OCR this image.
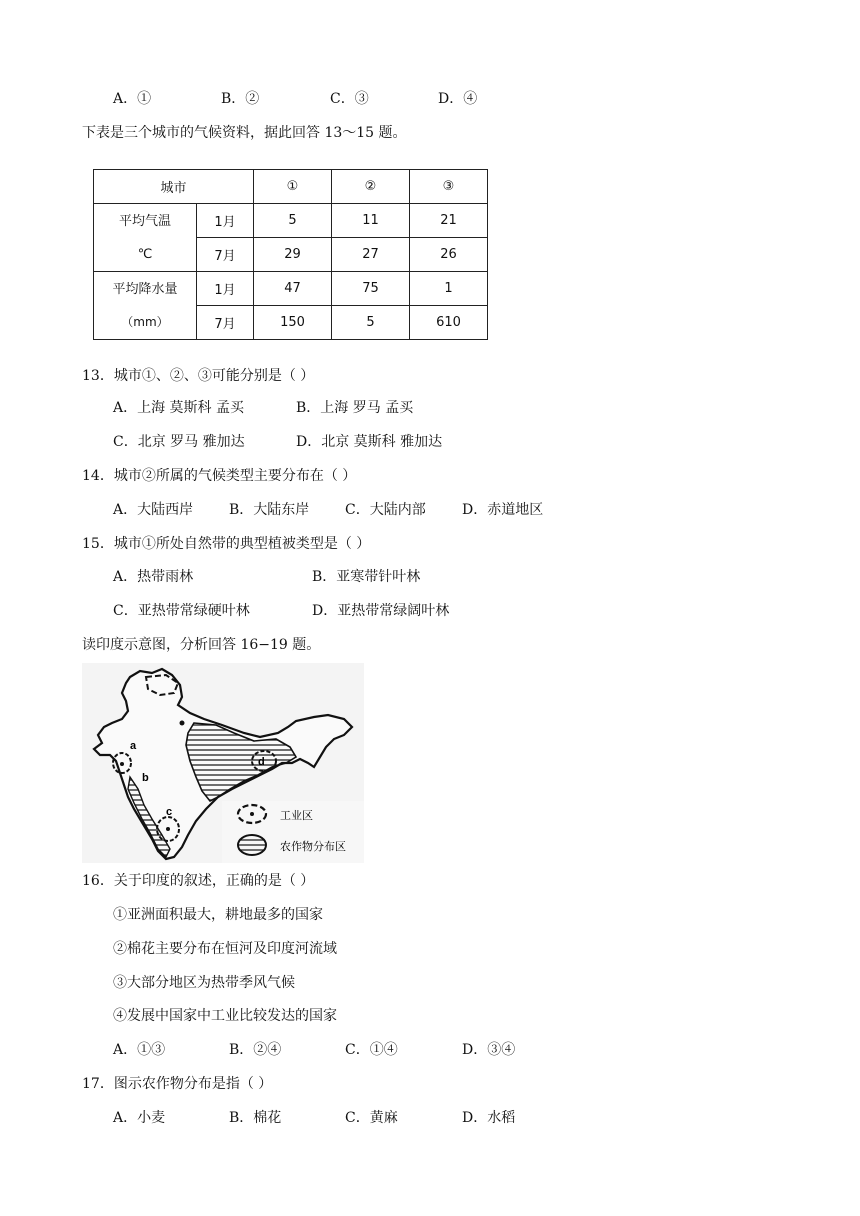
A．①	B．②	C．③	D．④
下表是三个城市的气候资料，据此回答 13～15 题。
城市		①	②	③

平均气温
℃	1月	5	11	21
	7月	29	27	26

平均降水量
（mm）	1月	47	75	1
	7月	150	5	610
13．城市①、②、③可能分别是（ ）
A．上海 莫斯科 孟买	B．上海 罗马 孟买
C．北京 罗马 雅加达	D．北京 莫斯科 雅加达
14．城市②所属的气候类型主要分布在（ ）
A．大陆西岸	B．大陆东岸	C．大陆内部	D．赤道地区
15．城市①所处自然带的典型植被类型是（ ）
A．热带雨林	B．亚寒带针叶林
C．亚热带常绿硬叶林	D．亚热带常绿阔叶林
读印度示意图，分析回答 16−19 题。
a
b
c
d
工业区
农作物分布区
16．关于印度的叙述，正确的是（ ）
①亚洲面积最大，耕地最多的国家
②棉花主要分布在恒河及印度河流域
③大部分地区为热带季风气候
④发展中国家中工业比较发达的国家
A．①③	B．②④	C．①④	D．③④
17．图示农作物分布是指（ ）
A．小麦	B．棉花	C．黄麻	D．水稻
